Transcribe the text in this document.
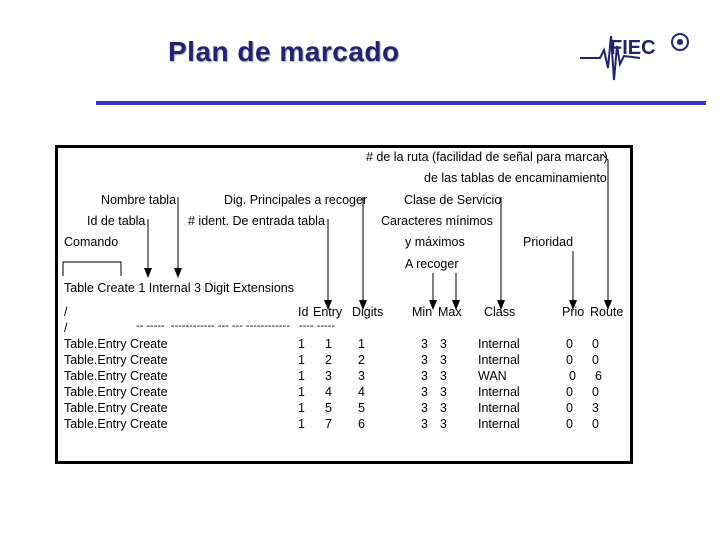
Plan de marcado	FIEC
# de la ruta (facilidad de señal para marcar)
de las tablas de encaminamiento
Nombre tabla	Dig. Principales a recoger	Clase de Servicio
Id de tabla	# ident. De entrada tabla	Caracteres mínimos
Comando	y máximos	Prioridad
A recoger
Table Create 1 Internal 3 Digit Extensions
/	Id Entry Digits Min Max Class	Prio Route
/	-- -----  ------------ --- --- ------------   ---- -----
Table.Entry Create	1 1 1	3 3 Internal	0 0
Table.Entry Create	1 2 2	3 3 Internal	0 0
Table.Entry Create	1 3 3	3 3 WAN	0 6
Table.Entry Create	1 4 4	3 3 Internal	0 0
Table.Entry Create	1 5 5	3 3 Internal	0 3
Table.Entry Create	1 7 6	3 3 Internal	0 0
